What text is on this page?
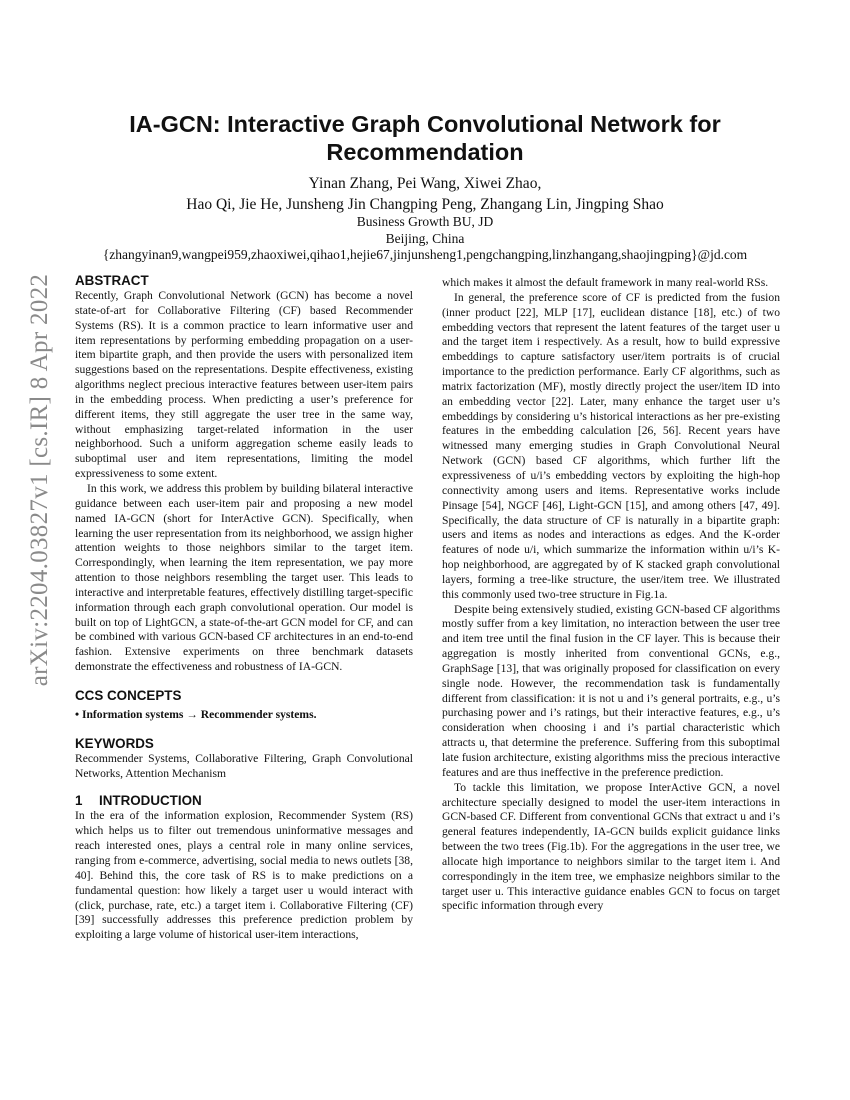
arXiv:2204.03827v1 [cs.IR] 8 Apr 2022
IA-GCN: Interactive Graph Convolutional Network for Recommendation
Yinan Zhang, Pei Wang, Xiwei Zhao,
Hao Qi, Jie He, Junsheng Jin Changping Peng, Zhangang Lin, Jingping Shao
Business Growth BU, JD
Beijing, China
{zhangyinan9,wangpei959,zhaoxiwei,qihao1,hejie67,jinjunsheng1,pengchangping,linzhangang,shaojingping}@jd.com
ABSTRACT

Recently, Graph Convolutional Network (GCN) has become a novel state-of-art for Collaborative Filtering (CF) based Recommender Systems (RS). It is a common practice to learn informative user and item representations by performing embedding propagation on a user-item bipartite graph, and then provide the users with personalized item suggestions based on the representations. Despite effectiveness, existing algorithms neglect precious interactive features between user-item pairs in the embedding process. When predicting a user’s preference for different items, they still aggregate the user tree in the same way, without emphasizing target-related information in the user neighborhood. Such a uniform aggregation scheme easily leads to suboptimal user and item representations, limiting the model expressiveness to some extent.

In this work, we address this problem by building bilateral interactive guidance between each user-item pair and proposing a new model named IA-GCN (short for InterActive GCN). Specifically, when learning the user representation from its neighborhood, we assign higher attention weights to those neighbors similar to the target item. Correspondingly, when learning the item representation, we pay more attention to those neighbors resembling the target user. This leads to interactive and interpretable features, effectively distilling target-specific information through each graph convolutional operation. Our model is built on top of LightGCN, a state-of-the-art GCN model for CF, and can be combined with various GCN-based CF architectures in an end-to-end fashion. Extensive experiments on three benchmark datasets demonstrate the effectiveness and robustness of IA-GCN.

CCS CONCEPTS
• Information systems → Recommender systems.
KEYWORDS

Recommender Systems, Collaborative Filtering, Graph Convolutional Networks, Attention Mechanism

1 INTRODUCTION

In the era of the information explosion, Recommender System (RS) which helps us to filter out tremendous uninformative messages and reach interested ones, plays a central role in many online services, ranging from e-commerce, advertising, social media to news outlets [38, 40]. Behind this, the core task of RS is to make predictions on a fundamental question: how likely a target user u would interact with (click, purchase, rate, etc.) a target item i. Collaborative Filtering (CF) [39] successfully addresses this preference prediction problem by exploiting a large volume of historical user-item interactions,

which makes it almost the default framework in many real-world RSs.

In general, the preference score of CF is predicted from the fusion (inner product [22], MLP [17], euclidean distance [18], etc.) of two embedding vectors that represent the latent features of the target user u and the target item i respectively. As a result, how to build expressive embeddings to capture satisfactory user/item portraits is of crucial importance to the prediction performance. Early CF algorithms, such as matrix factorization (MF), mostly directly project the user/item ID into an embedding vector [22]. Later, many enhance the target user u’s embeddings by considering u’s historical interactions as her pre-existing features in the embedding calculation [26, 56]. Recent years have witnessed many emerging studies in Graph Convolutional Neural Network (GCN) based CF algorithms, which further lift the expressiveness of u/i’s embedding vectors by exploiting the high-hop connectivity among users and items. Representative works include Pinsage [54], NGCF [46], Light-GCN [15], and among others [47, 49]. Specifically, the data structure of CF is naturally in a bipartite graph: users and items as nodes and interactions as edges. And the K-order features of node u/i, which summarize the information within u/i’s K-hop neighborhood, are aggregated by of K stacked graph convolutional layers, forming a tree-like structure, the user/item tree. We illustrated this commonly used two-tree structure in Fig.1a.

Despite being extensively studied, existing GCN-based CF algorithms mostly suffer from a key limitation, no interaction between the user tree and item tree until the final fusion in the CF layer. This is because their aggregation is mostly inherited from conventional GCNs, e.g., GraphSage [13], that was originally proposed for classification on every single node. However, the recommendation task is fundamentally different from classification: it is not u and i’s general portraits, e.g., u’s purchasing power and i’s ratings, but their interactive features, e.g., u’s consideration when choosing i and i’s partial characteristic which attracts u, that determine the preference. Suffering from this suboptimal late fusion architecture, existing algorithms miss the precious interactive features and are thus ineffective in the preference prediction.

To tackle this limitation, we propose InterActive GCN, a novel architecture specially designed to model the user-item interactions in GCN-based CF. Different from conventional GCNs that extract u and i’s general features independently, IA-GCN builds explicit guidance links between the two trees (Fig.1b). For the aggregations in the user tree, we allocate high importance to neighbors similar to the target item i. And correspondingly in the item tree, we emphasize neighbors similar to the target user u. This interactive guidance enables GCN to focus on target specific information through every
